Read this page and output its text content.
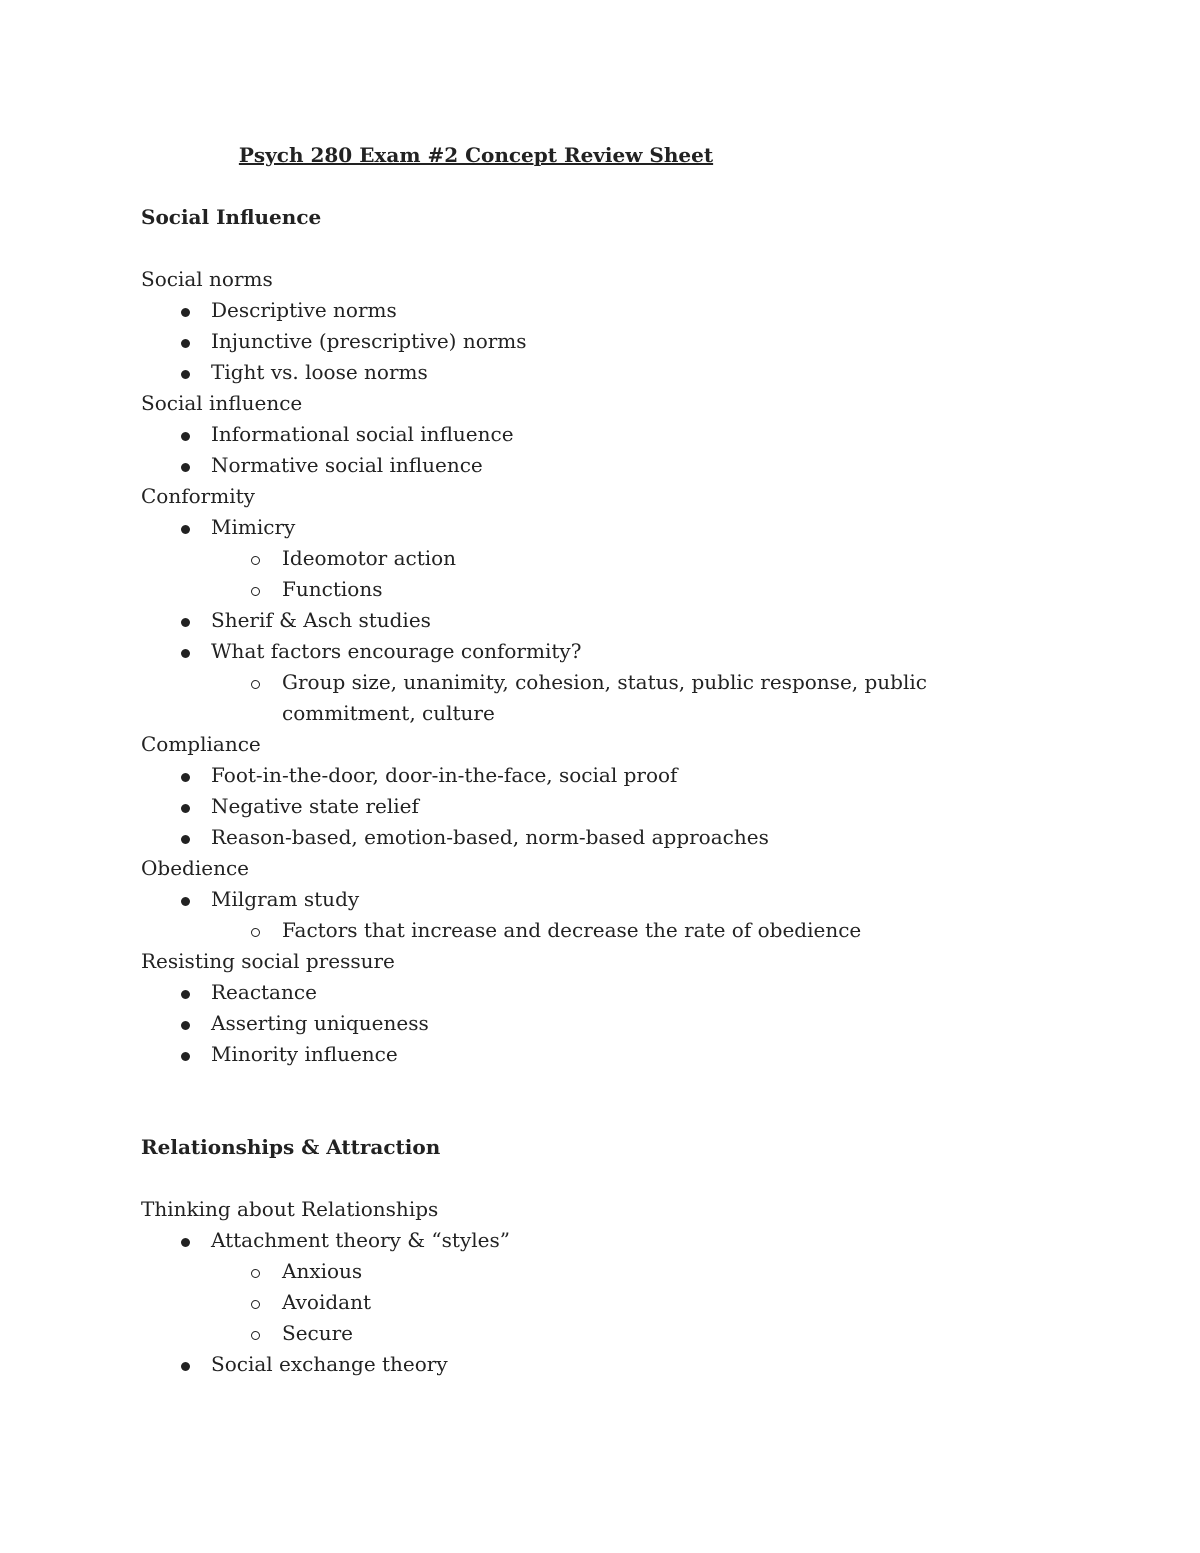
Psych 280 Exam #2 Concept Review Sheet

Social Influence

Social norms

Descriptive norms
Injunctive (prescriptive) norms
Tight vs. loose norms

Social influence

Informational social influence
Normative social influence

Conformity

Mimicry
Ideomotor action
Functions
Sherif & Asch studies
What factors encourage conformity?
Group size, unanimity, cohesion, status, public response, public commitment, culture

Compliance

Foot-in-the-door, door-in-the-face, social proof
Negative state relief
Reason-based, emotion-based, norm-based approaches

Obedience

Milgram study
Factors that increase and decrease the rate of obedience

Resisting social pressure

Reactance
Asserting uniqueness
Minority influence

Relationships & Attraction

Thinking about Relationships

Attachment theory & “styles”
Anxious
Avoidant
Secure
Social exchange theory
